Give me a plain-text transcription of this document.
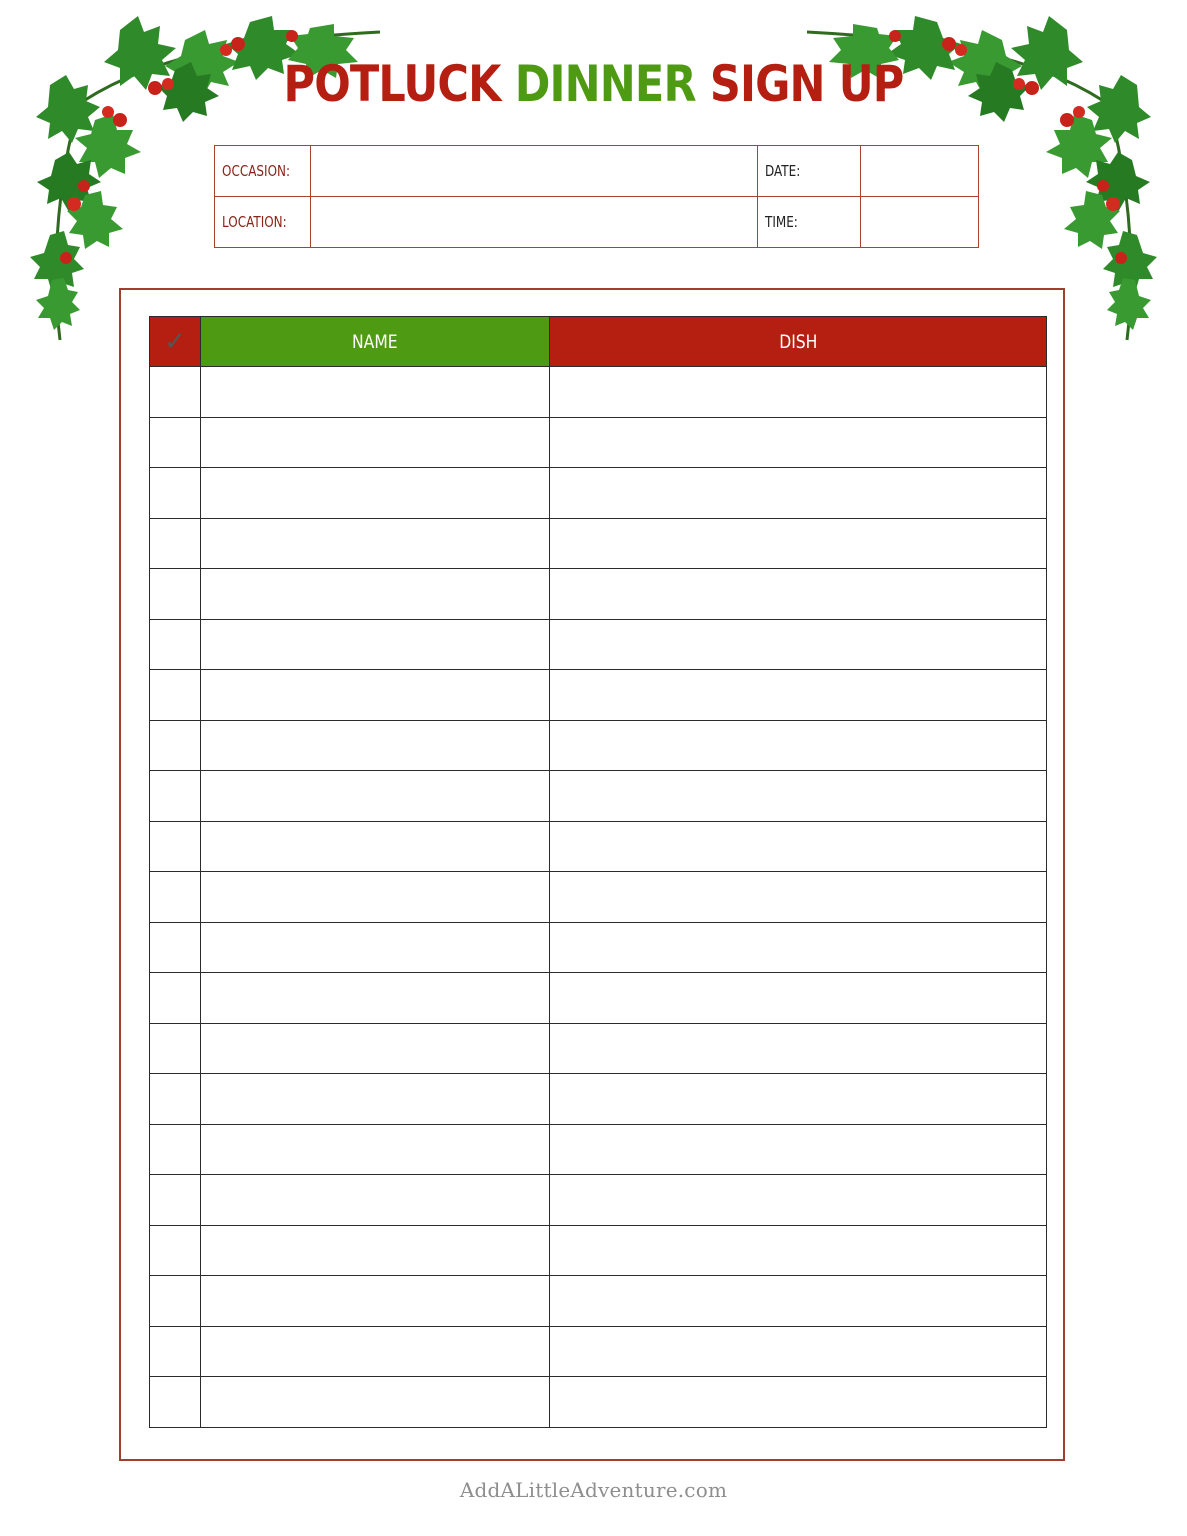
POTLUCK DINNER SIGN UP
OCCASION:		DATE:	
LOCATION:		TIME:	
✓	NAME	DISH

AddALittleAdventure.com
